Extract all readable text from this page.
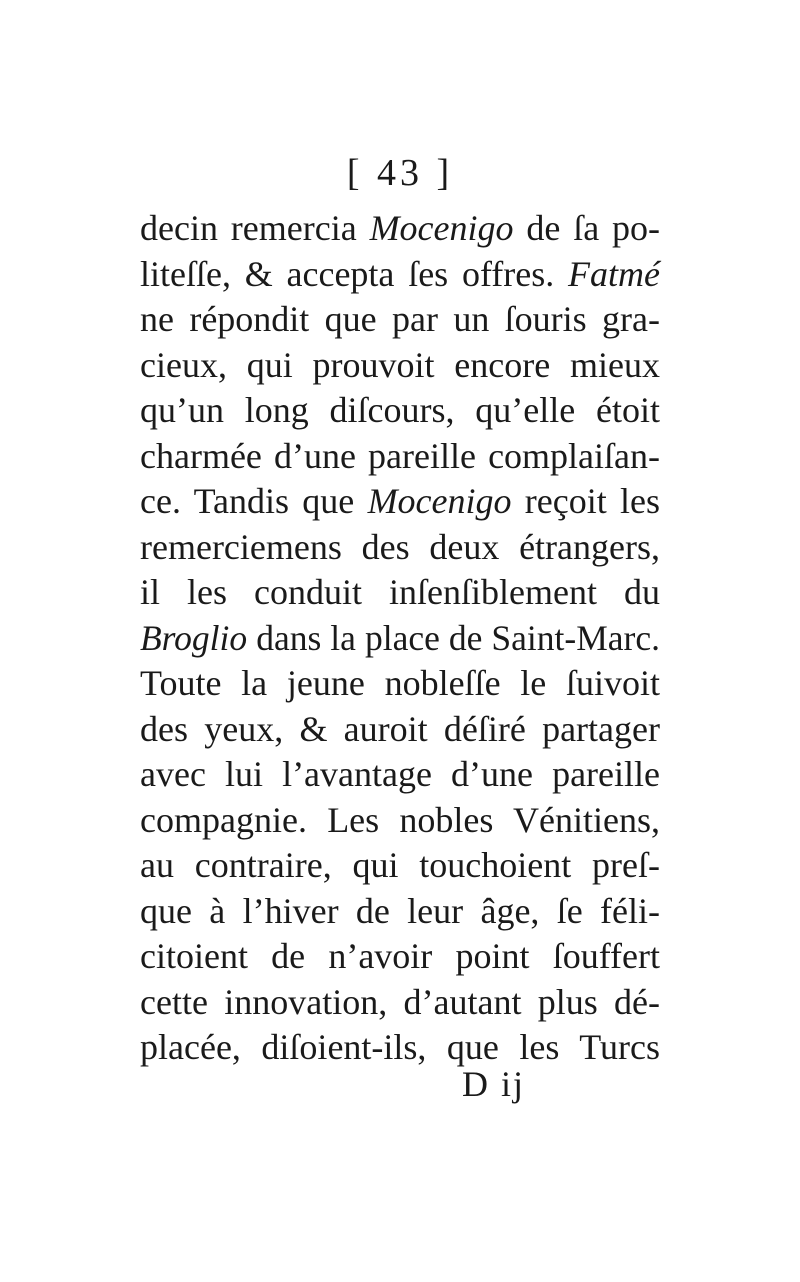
[ 43 ]
decin remercia Mocenigo de ſa po-
liteſſe, & accepta ſes offres. Fatmé
ne répondit que par un ſouris gra-
cieux, qui prouvoit encore mieux
qu’un long diſcours, qu’elle étoit
charmée d’une pareille complaiſan-
ce. Tandis que Mocenigo reçoit les
remerciemens des deux étrangers,
il les conduit inſenſiblement du
Broglio dans la place de Saint-Marc.
Toute la jeune nobleſſe le ſuivoit
des yeux, & auroit déſiré partager
avec lui l’avantage d’une pareille
compagnie. Les nobles Vénitiens,
au contraire, qui touchoient preſ-
que à l’hiver de leur âge, ſe féli-
citoient de n’avoir point ſouffert
cette innovation, d’autant plus dé-
placée, diſoient-ils, que les Turcs
D ij
